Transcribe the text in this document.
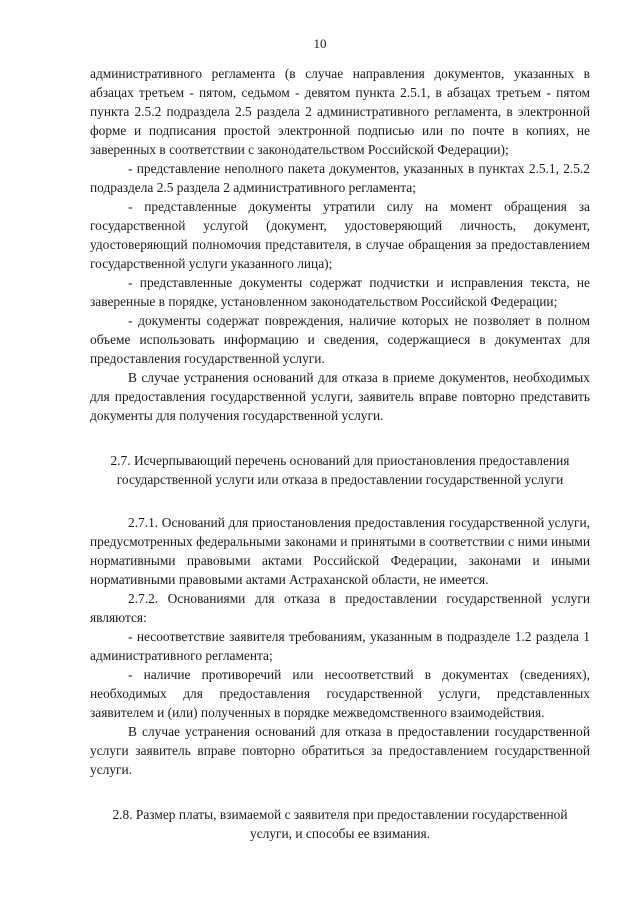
10

административного регламента (в случае направления документов, указанных в абзацах третьем - пятом, седьмом - девятом пункта 2.5.1, в абзацах третьем - пятом пункта 2.5.2 подраздела 2.5 раздела 2 административного регламента, в электронной форме и подписания простой электронной подписью или по почте в копиях, не заверенных в соответствии с законодательством Российской Федерации);

- представление неполного пакета документов, указанных в пунктах 2.5.1, 2.5.2 подраздела 2.5 раздела 2 административного регламента;

- представленные документы утратили силу на момент обращения за государственной услугой (документ, удостоверяющий личность, документ, удостоверяющий полномочия представителя, в случае обращения за предоставлением государственной услуги указанного лица);

- представленные документы содержат подчистки и исправления текста, не заверенные в порядке, установленном законодательством Российской Федерации;

- документы содержат повреждения, наличие которых не позволяет в полном объеме использовать информацию и сведения, содержащиеся в документах для предоставления государственной услуги.

В случае устранения оснований для отказа в приеме документов, необходимых для предоставления государственной услуги, заявитель вправе повторно представить документы для получения государственной услуги.

2.7. Исчерпывающий перечень оснований для приостановления предоставления государственной услуги или отказа в предоставлении государственной услуги

2.7.1. Оснований для приостановления предоставления государственной услуги, предусмотренных федеральными законами и принятыми в соответствии с ними иными нормативными правовыми актами Российской Федерации, законами и иными нормативными правовыми актами Астраханской области, не имеется.

2.7.2. Основаниями для отказа в предоставлении государственной услуги являются:

- несоответствие заявителя требованиям, указанным в подразделе 1.2 раздела 1 административного регламента;

- наличие противоречий или несоответствий в документах (сведениях), необходимых для предоставления государственной услуги, представленных заявителем и (или) полученных в порядке межведомственного взаимодействия.

В случае устранения оснований для отказа в предоставлении государственной услуги заявитель вправе повторно обратиться за предоставлением государственной услуги.

2.8. Размер платы, взимаемой с заявителя при предоставлении государственной услуги, и способы ее взимания.
